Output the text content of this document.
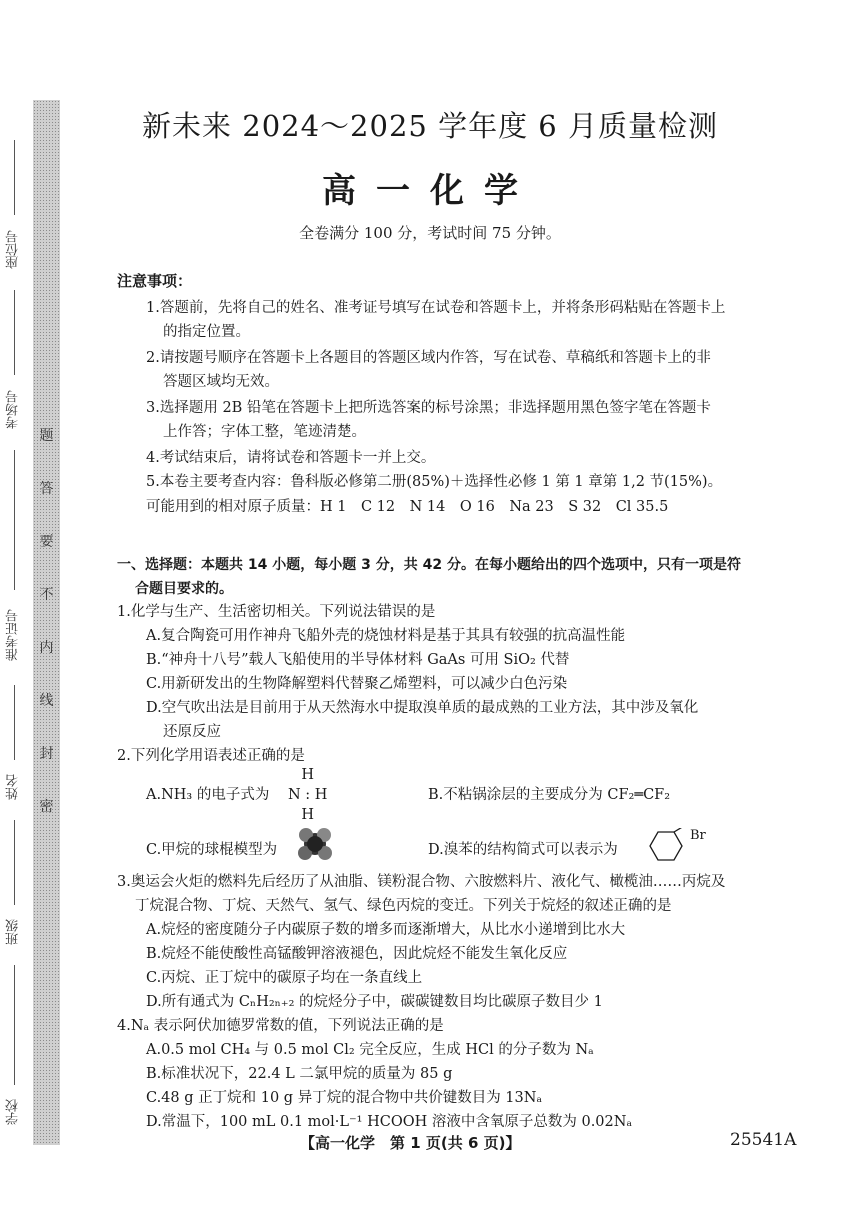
题
答
要
不
内
线
封
密
座位号
考场号
准考证号
姓名
班级
学校
新未来 2024～2025 学年度 6 月质量检测
高一化学
全卷满分 100 分，考试时间 75 分钟。
注意事项：
1.答题前，先将自己的姓名、准考证号填写在试卷和答题卡上，并将条形码粘贴在答题卡上
的指定位置。
2.请按题号顺序在答题卡上各题目的答题区域内作答，写在试卷、草稿纸和答题卡上的非
答题区域均无效。
3.选择题用 2B 铅笔在答题卡上把所选答案的标号涂黑；非选择题用黑色签字笔在答题卡
上作答；字体工整，笔迹清楚。
4.考试结束后，请将试卷和答题卡一并上交。
5.本卷主要考查内容：鲁科版必修第二册(85%)＋选择性必修 1 第 1 章第 1,2 节(15%)。
可能用到的相对原子质量：H 1　C 12　N 14　O 16　Na 23　S 32　Cl 35.5
一、选择题：本题共 14 小题，每小题 3 分，共 42 分。在每小题给出的四个选项中，只有一项是符
合题目要求的。
1.化学与生产、生活密切相关。下列说法错误的是
A.复合陶瓷可用作神舟飞船外壳的烧蚀材料是基于其具有较强的抗高温性能
B.“神舟十八号”载人飞船使用的半导体材料 GaAs 可用 SiO₂ 代替
C.用新研发出的生物降解塑料代替聚乙烯塑料，可以减少白色污染
D.空气吹出法是目前用于从天然海水中提取溴单质的最成熟的工业方法，其中涉及氧化
还原反应
2.下列化学用语表述正确的是
A.NH₃ 的电子式为
H
N : H
H
B.不粘锅涂层的主要成分为 CF₂═CF₂
C.甲烷的球棍模型为	D.溴苯的结构简式可以表示为
Br
3.奥运会火炬的燃料先后经历了从油脂、镁粉混合物、六胺燃料片、液化气、橄榄油……丙烷及
丁烷混合物、丁烷、天然气、氢气、绿色丙烷的变迁。下列关于烷烃的叙述正确的是
A.烷烃的密度随分子内碳原子数的增多而逐渐增大，从比水小递增到比水大
B.烷烃不能使酸性高锰酸钾溶液褪色，因此烷烃不能发生氧化反应
C.丙烷、正丁烷中的碳原子均在一条直线上
D.所有通式为 CₙH₂ₙ₊₂ 的烷烃分子中，碳碳键数目均比碳原子数目少 1
4.Nₐ 表示阿伏加德罗常数的值，下列说法正确的是
A.0.5 mol CH₄ 与 0.5 mol Cl₂ 完全反应，生成 HCl 的分子数为 Nₐ
B.标准状况下，22.4 L 二氯甲烷的质量为 85 g
C.48 g 正丁烷和 10 g 异丁烷的混合物中共价键数目为 13Nₐ
D.常温下，100 mL 0.1 mol·L⁻¹ HCOOH 溶液中含氧原子总数为 0.02Nₐ
【高一化学　第 1 页(共 6 页)】	25541A
